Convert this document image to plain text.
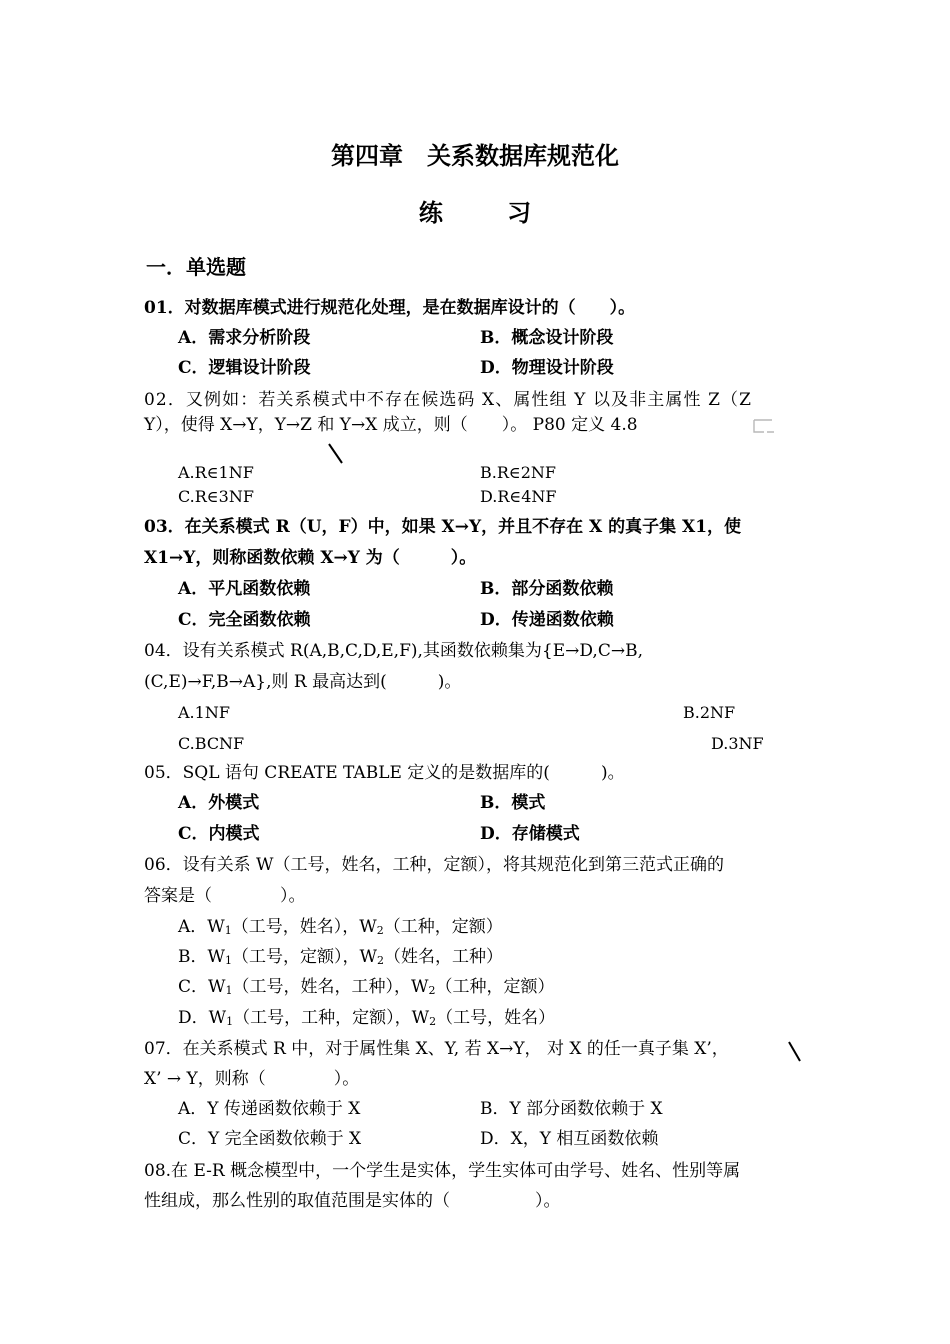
第四章　关系数据库规范化
练 习
一．单选题
01．对数据库模式进行规范化处理，是在数据库设计的（　　）。
A．需求分析阶段	B．概念设计阶段
C．逻辑设计阶段	D．物理设计阶段
02．又例如：若关系模式中不存在候选码 X、属性组 Y 以及非主属性 Z（Z
Y），使得 X→Y，Y→Z 和 Y→X 成立，则（　　）。 P80 定义 4.8
A.R∈1NF	B.R∈2NF
C.R∈3NF	D.R∈4NF
03．在关系模式 R（U，F）中，如果 X→Y，并且不存在 X 的真子集 X1，使
X1→Y，则称函数依赖 X→Y 为（　　　）。
A．平凡函数依赖	B．部分函数依赖
C．完全函数依赖	D．传递函数依赖
04．设有关系模式 R(A,B,C,D,E,F),其函数依赖集为{E→D,C→B,
(C,E)→F,B→A},则 R 最高达到(　　　)。
A.1NF	B.2NF
C.BCNF	D.3NF
05．SQL 语句 CREATE TABLE 定义的是数据库的(　　　)。
A．外模式	B．模式
C．内模式	D．存储模式
06．设有关系 W（工号，姓名，工种，定额），将其规范化到第三范式正确的
答案是（　　　　）。
A．$W_1$（工号，姓名），$W_2$（工种，定额）
B．$W_1$（工号，定额），$W_2$（姓名，工种）
C．$W_1$（工号，姓名，工种），$W_2$（工种，定额）
D．$W_1$（工号，工种，定额），$W_2$（工号，姓名）
07．在关系模式 R 中，对于属性集 X、Y, 若 X→Y， 对 X 的任一真子集 X’，
X’ → Y，则称（　　　　）。
A．Y 传递函数依赖于 X	B．Y 部分函数依赖于 X
C．Y 完全函数依赖于 X	D．X，Y 相互函数依赖
08.在 E-R 概念模型中，一个学生是实体，学生实体可由学号、姓名、性别等属
性组成，那么性别的取值范围是实体的（　　　　　）。
